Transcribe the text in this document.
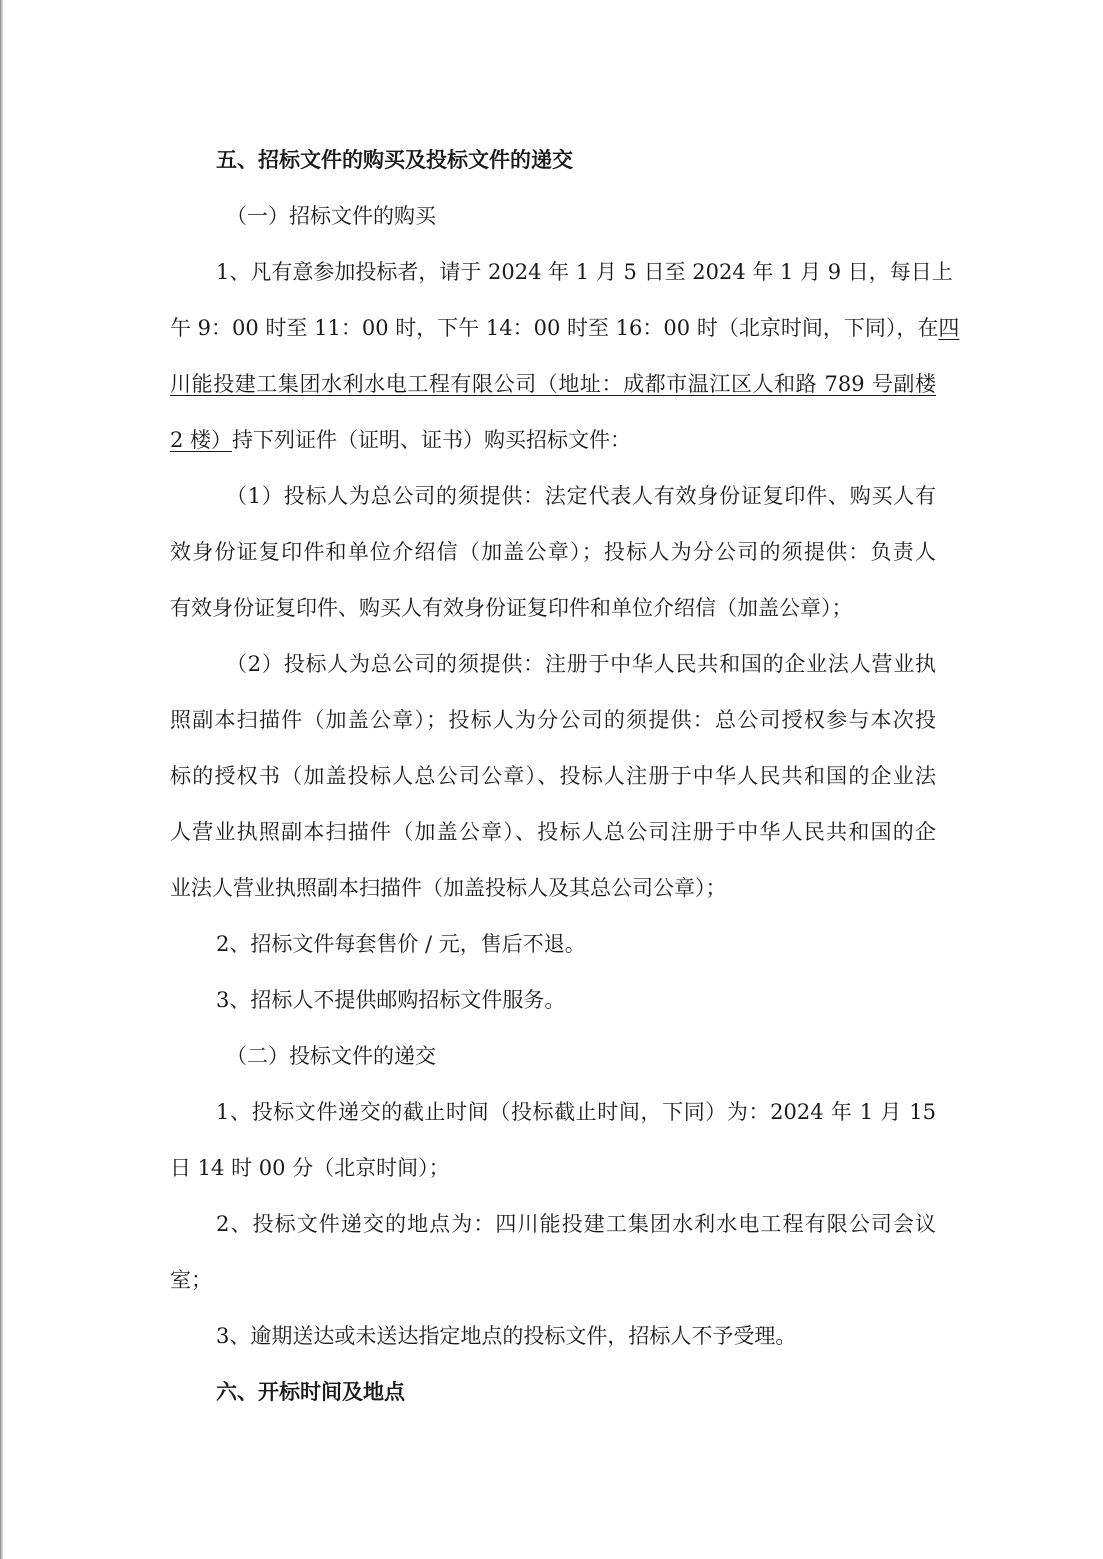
五、招标文件的购买及投标文件的递交
（一）招标文件的购买
1、凡有意参加投标者，请于 2024 年 1 月 5 日至 2024 年 1 月 9 日，每日上
午 9：00 时至 11：00 时，下午 14：00 时至 16：00 时（北京时间，下同），在四
川能投建工集团水利水电工程有限公司（地址：成都市温江区人和路 789 号副楼
2 楼）持下列证件（证明、证书）购买招标文件：
（1）投标人为总公司的须提供：法定代表人有效身份证复印件、购买人有
效身份证复印件和单位介绍信（加盖公章）；投标人为分公司的须提供：负责人
有效身份证复印件、购买人有效身份证复印件和单位介绍信（加盖公章）；
（2）投标人为总公司的须提供：注册于中华人民共和国的企业法人营业执
照副本扫描件（加盖公章）；投标人为分公司的须提供：总公司授权参与本次投
标的授权书（加盖投标人总公司公章）、投标人注册于中华人民共和国的企业法
人营业执照副本扫描件（加盖公章）、投标人总公司注册于中华人民共和国的企
业法人营业执照副本扫描件（加盖投标人及其总公司公章）；
2、招标文件每套售价 / 元，售后不退。
3、招标人不提供邮购招标文件服务。
（二）投标文件的递交
1、投标文件递交的截止时间（投标截止时间，下同）为：2024 年 1 月 15
日 14 时 00 分（北京时间）；
2、投标文件递交的地点为：四川能投建工集团水利水电工程有限公司会议
室；
3、逾期送达或未送达指定地点的投标文件，招标人不予受理。
六、开标时间及地点
